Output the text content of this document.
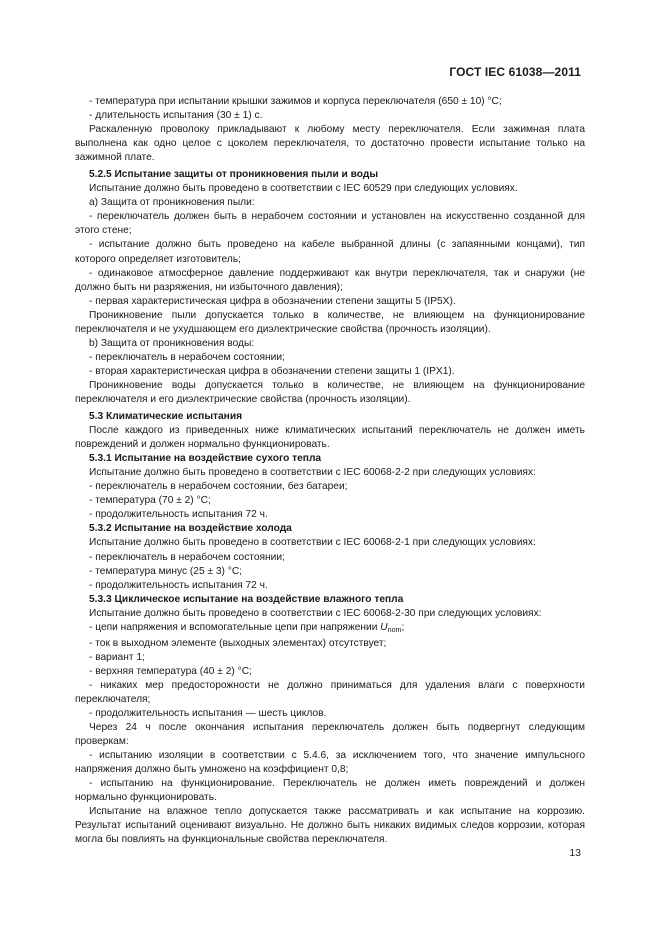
ГОСТ IEC 61038—2011

- температура при испытании крышки зажимов и корпуса переключателя (650 ± 10) °С;

- длительность испытания (30 ± 1) с.

Раскаленную проволоку прикладывают к любому месту переключателя. Если зажимная плата выполнена как одно целое с цоколем переключателя, то достаточно провести испытание только на зажимной плате.

5.2.5 Испытание защиты от проникновения пыли и воды

Испытание должно быть проведено в соответствии с IEC 60529 при следующих условиях.

а) Защита от проникновения пыли:

- переключатель должен быть в нерабочем состоянии и установлен на искусственно созданной для этого стене;

- испытание должно быть проведено на кабеле выбранной длины (с запаянными концами), тип которого определяет изготовитель;

- одинаковое атмосферное давление поддерживают как внутри переключателя, так и снаружи (не должно быть ни разряжения, ни избыточного давления);

- первая характеристическая цифра в обозначении степени защиты 5 (IP5X).

Проникновение пыли допускается только в количестве, не влияющем на функционирование переключателя и не ухудшающем его диэлектрические свойства (прочность изоляции).

b) Защита от проникновения воды:

- переключатель в нерабочем состоянии;

- вторая характеристическая цифра в обозначении степени защиты 1 (IPX1).

Проникновение воды допускается только в количестве, не влияющем на функционирование переключателя и его диэлектрические свойства (прочность изоляции).

5.3 Климатические испытания

После каждого из приведенных ниже климатических испытаний переключатель не должен иметь повреждений и должен нормально функционировать.

5.3.1 Испытание на воздействие сухого тепла

Испытание должно быть проведено в соответствии с IEC 60068-2-2 при следующих условиях:

- переключатель в нерабочем состоянии, без батареи;

- температура (70 ± 2) °С;

- продолжительность испытания 72 ч.

5.3.2 Испытание на воздействие холода

Испытание должно быть проведено в соответствии с IEC 60068-2-1 при следующих условиях:

- переключатель в нерабочем состоянии;

- температура минус (25 ± 3) °С;

- продолжительность испытания 72 ч.

5.3.3 Циклическое испытание на воздействие влажного тепла

Испытание должно быть проведено в соответствии с IEC 60068-2-30 при следующих условиях:

- цепи напряжения и вспомогательные цепи при напряжении $U_{nom}$;

- ток в выходном элементе (выходных элементах) отсутствует;

- вариант 1;

- верхняя температура (40 ± 2) °С;

- никаких мер предосторожности не должно приниматься для удаления влаги с поверхности переключателя;

- продолжительность испытания — шесть циклов.

Через 24 ч после окончания испытания переключатель должен быть подвергнут следующим проверкам:

- испытанию изоляции в соответствии с 5.4.6, за исключением того, что значение импульсного напряжения должно быть умножено на коэффициент 0,8;

- испытанию на функционирование. Переключатель не должен иметь повреждений и должен нормально функционировать.

Испытание на влажное тепло допускается также рассматривать и как испытание на коррозию. Результат испытаний оценивают визуально. Не должно быть никаких видимых следов коррозии, которая могла бы повлиять на функциональные свойства переключателя.

13
